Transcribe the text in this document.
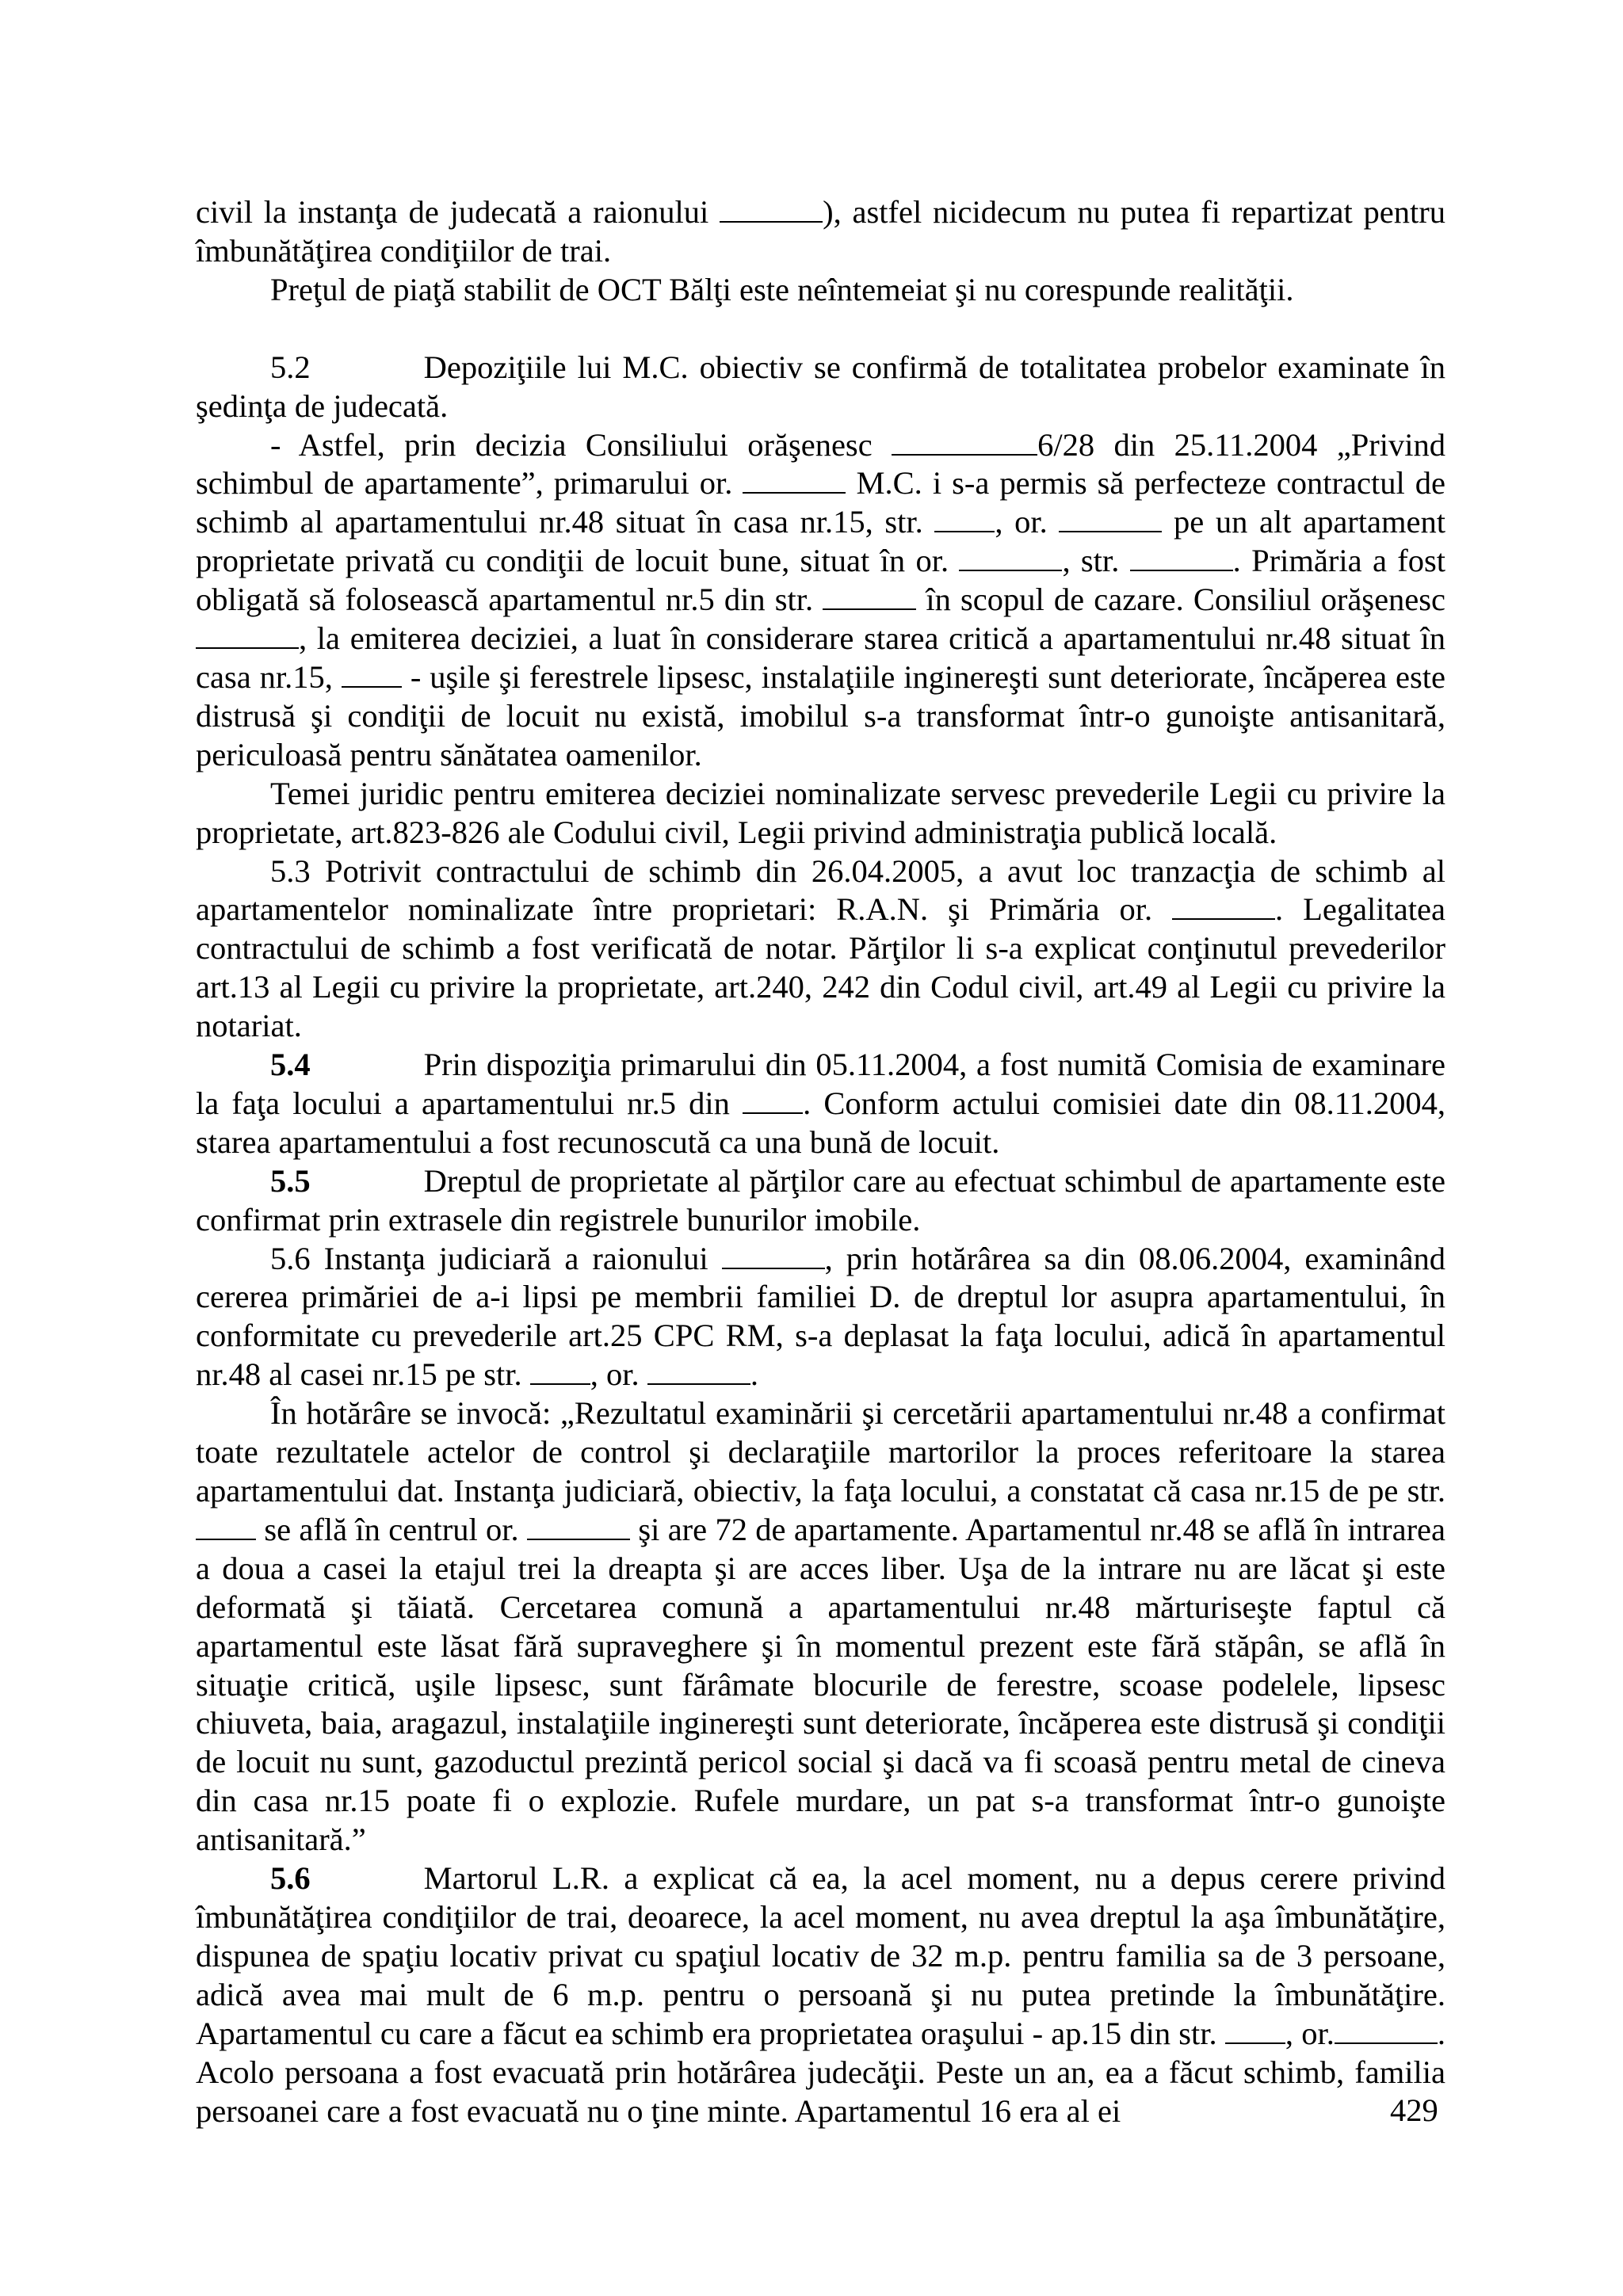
civil la instanţa de judecată a raionului	), astfel nicidecum nu putea fi repartizat pentru îmbunătăţirea condiţiilor de trai.

Preţul de piaţă stabilit de OCT Bălţi este neîntemeiat şi nu corespunde realităţii.

5.2	Depoziţiile lui M.C. obiectiv se confirmă de totalitatea probelor examinate în şedinţa de judecată.

- Astfel, prin decizia Consiliului orăşenesc	6/28 din 25.11.2004 „Privind schimbul de apartamente”, primarului or.	M.C. i s-a permis să perfecteze contractul de schimb al apartamentului nr.48 situat în casa nr.15, str. , or.	pe un alt apartament proprietate privată cu condiţii de locuit bune, situat în or.	, str.	. Primăria a fost obligată să folosească apartamentul nr.5 din str.	în scopul de cazare. Consiliul orăşenesc , la emiterea deciziei, a luat în considerare starea critică a apartamentului nr.48 situat în casa nr.15,  - uşile şi ferestrele lipsesc, instalaţiile inginereşti sunt deteriorate, încăperea este distrusă şi condiţii de locuit nu există, imobilul s-a transformat într-o gunoişte antisanitară, periculoasă pentru sănătatea oamenilor.

Temei juridic pentru emiterea deciziei nominalizate servesc prevederile Legii cu privire la proprietate, art.823-826 ale Codului civil, Legii privind administraţia publică locală.

5.3 Potrivit contractului de schimb din 26.04.2005, a avut loc tranzacţia de schimb al apartamentelor nominalizate între proprietari: R.A.N. şi Primăria or.	. Legalitatea contractului de schimb a fost verificată de notar. Părţilor li s-a explicat conţinutul prevederilor art.13 al Legii cu privire la proprietate, art.240, 242 din Codul civil, art.49 al Legii cu privire la notariat.

5.4	Prin dispoziţia primarului din 05.11.2004, a fost numită Comisia de examinare la faţa locului a apartamentului nr.5 din . Conform actului comisiei date din 08.11.2004, starea apartamentului a fost recunoscută ca una bună de locuit.

5.5	Dreptul de proprietate al părţilor care au efectuat schimbul de apartamente este confirmat prin extrasele din registrele bunurilor imobile.

5.6 Instanţa judiciară a raionului	, prin hotărârea sa din 08.06.2004, examinând cererea primăriei de a-i lipsi pe membrii familiei D. de dreptul lor asupra apartamentului, în conformitate cu prevederile art.25 CPC RM, s-a deplasat la faţa locului, adică în apartamentul nr.48 al casei nr.15 pe str. , or.	.

În hotărâre se invocă: „Rezultatul examinării şi cercetării apartamentului nr.48 a confirmat toate rezultatele actelor de control şi declaraţiile martorilor la proces referitoare la starea apartamentului dat. Instanţa judiciară, obiectiv, la faţa locului, a constatat că casa nr.15 de pe str.  se află în centrul or.	şi are 72 de apartamente. Apartamentul nr.48 se află în intrarea a doua a casei la etajul trei la dreapta şi are acces liber. Uşa de la intrare nu are lăcat şi este deformată şi tăiată. Cercetarea comună a apartamentului nr.48 mărturiseşte faptul că apartamentul este lăsat fără supraveghere şi în momentul prezent este fără stăpân, se află în situaţie critică, uşile lipsesc, sunt fărâmate blocurile de ferestre, scoase podelele, lipsesc chiuveta, baia, aragazul, instalaţiile inginereşti sunt deteriorate, încăperea este distrusă şi condiţii de locuit nu sunt, gazoductul prezintă pericol social şi dacă va fi scoasă pentru metal de cineva din casa nr.15 poate fi o explozie. Rufele murdare, un pat s-a transformat într-o gunoişte antisanitară.”

5.6	Martorul L.R. a explicat că ea, la acel moment, nu a depus cerere privind îmbunătăţirea condiţiilor de trai, deoarece, la acel moment, nu avea dreptul la aşa îmbunătăţire, dispunea de spaţiu locativ privat cu spaţiul locativ de 32 m.p. pentru familia sa de 3 persoane, adică avea mai mult de 6 m.p. pentru o persoană şi nu putea pretinde la îmbunătăţire. Apartamentul cu care a făcut ea schimb era proprietatea oraşului - ap.15 din str. , or.	. Acolo persoana a fost evacuată prin hotărârea judecăţii. Peste un an, ea a făcut schimb, familia persoanei care a fost evacuată nu o ţine minte. Apartamentul 16 era al ei	429
